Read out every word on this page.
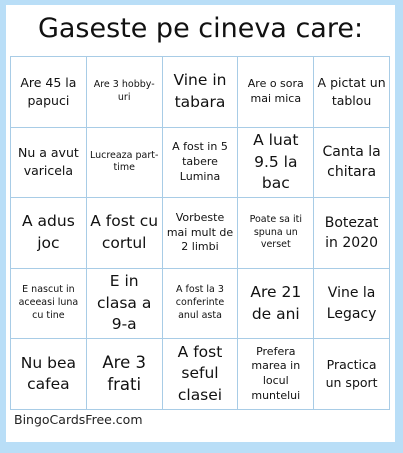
Gaseste pe cineva care:
Are 45 la papuci
Are 3 hobby-uri
Vine in tabara
Are o sora mai mica
A pictat un tablou
Nu a avut varicela
Lucreaza part-time
A fost in 5 tabere Lumina
A luat 9.5 la bac
Canta la chitara
A adus joc
A fost cu cortul
Vorbeste mai mult de 2 limbi
Poate sa iti spuna un verset
Botezat in 2020
E nascut in aceeasi luna cu tine
E in clasa a 9-a
A fost la 3 conferinte anul asta
Are 21 de ani
Vine la Legacy
Nu bea cafea
Are 3 frati
A fost seful clasei
Prefera marea in locul muntelui
Practica un sport
BingoCardsFree.com
